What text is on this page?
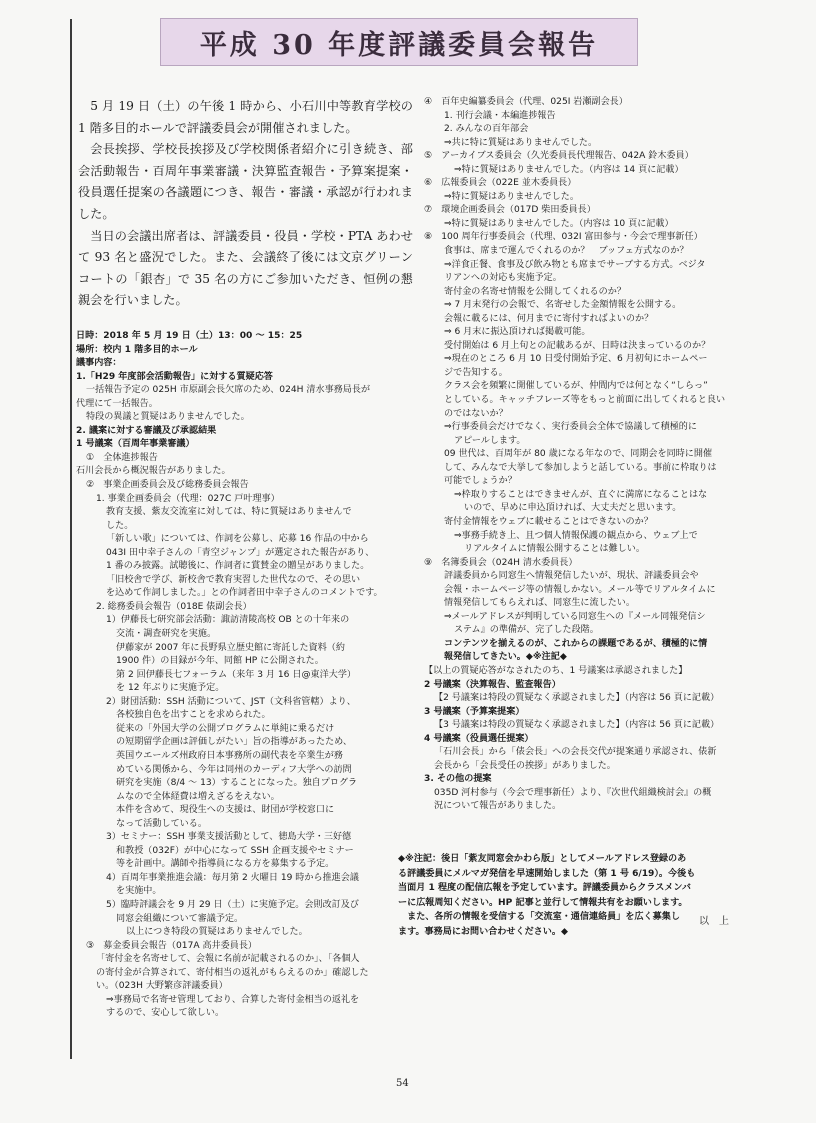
平成 30 年度評議委員会報告

5 月 19 日（土）の午後 1 時から、小石川中等教育学校の 1 階多目的ホールで評議委員会が開催されました。

会長挨拶、学校長挨拶及び学校関係者紹介に引き続き、部会活動報告・百周年事業審議・決算監査報告・予算案提案・役員選任提案の各議題につき、報告・審議・承認が行われました。

当日の会議出席者は、評議委員・役員・学校・PTA あわせて 93 名と盛況でした。また、会議終了後には文京グリーンコートの「銀杏」で 35 名の方にご参加いただき、恒例の懇親会を行いました。

日時：2018 年 5 月 19 日（土）13：00 ～ 15：25
場所：校内 1 階多目的ホール
議事内容：
1.「H29 年度部会活動報告」に対する質疑応答
一括報告予定の 025H 市原副会長欠席のため、024H 清水事務局長が
代理にて一括報告。
特段の異議と質疑はありませんでした。
2. 議案に対する審議及び承認結果
1 号議案（百周年事業審議）
①　全体進捗報告
石川会長から概況報告がありました。
②　事業企画委員会及び総務委員会報告
1. 事業企画委員会（代理：027C 戸叶理事）
教育支援、紫友交流室に対しては、特に質疑はありませんで
した。
「新しい歌」については、作詞を公募し、応募 16 作品の中から
043I 田中幸子さんの「青空ジャンプ」が選定された報告があり、
1 番のみ披露。試聴後に、作詞者に賞賛金の贈呈がありました。
「旧校舎で学び、新校舎で教育実習した世代なので、その思い
を込めて作詞しました。」との作詞者田中幸子さんのコメントです。
2. 総務委員会報告（018E 俵副会長）
1）伊藤長七研究部会活動：諏訪清陵高校 OB との十年来の
交流・調査研究を実施。
伊藤家が 2007 年に長野県立歴史館に寄託した資料（約
1900 件）の目録が今年、同館 HP に公開された。
第 2 回伊藤長七フォーラム（来年 3 月 16 日@東洋大学）
を 12 年ぶりに実施予定。
2）財団活動：SSH 活動について、JST（文科省管轄）より、
各校独自色を出すことを求められた。
従来の「外国大学の公開プログラムに単純に乗るだけ
の短期留学企画は評価しがたい」旨の指導があったため、
英国ウエールズ州政府日本事務所の副代表を卒業生が務
めている関係から、今年は同州のカーディフ大学への訪問
研究を実施（8/4 ～ 13）することになった。独自プログラ
ムなので全体経費は増えざるをえない。
本件を含めて、現役生への支援は、財団が学校窓口に
なって活動している。
3）セミナー：SSH 事業支援活動として、徳島大学・三好德
和教授（032F）が中心になって SSH 企画支援やセミナー
等を計画中。講師や指導員になる方を募集する予定。
4）百周年事業推進会議：毎月第 2 火曜日 19 時から推進会議
を実施中。
5）臨時評議会を 9 月 29 日（土）に実施予定。会則改訂及び
同窓会組織について審議予定。
以上につき特段の質疑はありませんでした。
③　募金委員会報告（017A 高井委員長）
「寄付金を名寄せして、会報に名前が記載されるのか」、「各個人
の寄付金が合算されて、寄付相当の返礼がもらえるのか」確認した
い。（023H 大野繁彦評議委員）
⇒事務局で名寄せ管理しており、合算した寄付金相当の返礼を
するので、安心して欲しい。
④　百年史編纂委員会（代理、025I 岩瀬副会長）
1. 刊行会議・本編進捗報告
2. みんなの百年部会
⇒共に特に質疑はありませんでした。
⑤　アーカイブス委員会（久光委員長代理報告、042A 鈴木委員）
⇒特に質疑はありませんでした。（内容は 14 頁に記載）
⑥　広報委員会（022E 並木委員長）
⇒特に質疑はありませんでした。
⑦　環境企画委員会（017D 柴田委員長）
⇒特に質疑はありませんでした。（内容は 10 頁に記載）
⑧　100 周年行事委員会（代理、032I 富田参与・今会で理事新任）
食事は、席まで運んでくれるのか？　ブッフェ方式なのか？
⇒洋食正餐、食事及び飲み物とも席までサーブする方式。ベジタ
リアンへの対応も実施予定。
寄付金の名寄せ情報を公開してくれるのか？
⇒ 7 月末発行の会報で、名寄せした金額情報を公開する。
会報に載るには、何月までに寄付すればよいのか？
⇒ 6 月末に振込頂ければ掲載可能。
受付開始は 6 月上旬との記載あるが、日時は決まっているのか？
⇒現在のところ 6 月 10 日受付開始予定、6 月初旬にホームペー
ジで告知する。
クラス会を頻繁に開催しているが、仲間内では何となく“しらっ”
としている。キャッチフレーズ等をもっと前面に出してくれると良い
のではないか？
⇒行事委員会だけでなく、実行委員会全体で協議して積極的に
アピールします。
09 世代は、百周年が 80 歳になる年なので、同期会を同時に開催
して、みんなで大挙して参加しようと話している。事前に枠取りは
可能でしょうか？
⇒枠取りすることはできませんが、直ぐに満席になることはな
いので、早めに申込頂ければ、大丈夫だと思います。
寄付金情報をウェブに載せることはできないのか？
⇒事務手続き上、且つ個人情報保護の観点から、ウェブ上で
リアルタイムに情報公開することは難しい。
⑨　名簿委員会（024H 清水委員長）
評議委員から同窓生へ情報発信したいが、現状、評議委員会や
会報・ホームページ等の情報しかない。メール等でリアルタイムに
情報発信してもらえれば、同窓生に流したい。
⇒メールアドレスが判明している同窓生への『メール同報発信シ
ステム』の準備が、完了した段階。
コンテンツを揃えるのが、これからの課題であるが、積極的に情
報発信してきたい。◆※注記◆
【以上の質疑応答がなされたのち、1 号議案は承認されました】
2 号議案（決算報告、監査報告）
【2 号議案は特段の質疑なく承認されました】（内容は 56 頁に記載）
3 号議案（予算案提案）
【3 号議案は特段の質疑なく承認されました】（内容は 56 頁に記載）
4 号議案（役員選任提案）
「石川会長」から「俵会長」への会長交代が提案通り承認され、俵新
会長から「会長受任の挨拶」がありました。
3. その他の提案
035D 河村参与（今会で理事新任）より、『次世代組織検討会』の概
況について報告がありました。
◆※注記：後日「紫友同窓会かわら版」としてメールアドレス登録のあ
る評議委員にメルマガ発信を早速開始しました（第 1 号 6/19）。今後も
当面月 1 程度の配信広報を予定しています。評議委員からクラスメンバ
ーに広報周知ください。HP 記事と並行して情報共有をお願いします。
　また、各所の情報を受信する「交流室・通信連絡員」を広く募集し
ます。事務局にお問い合わせください。◆
以　上
54
